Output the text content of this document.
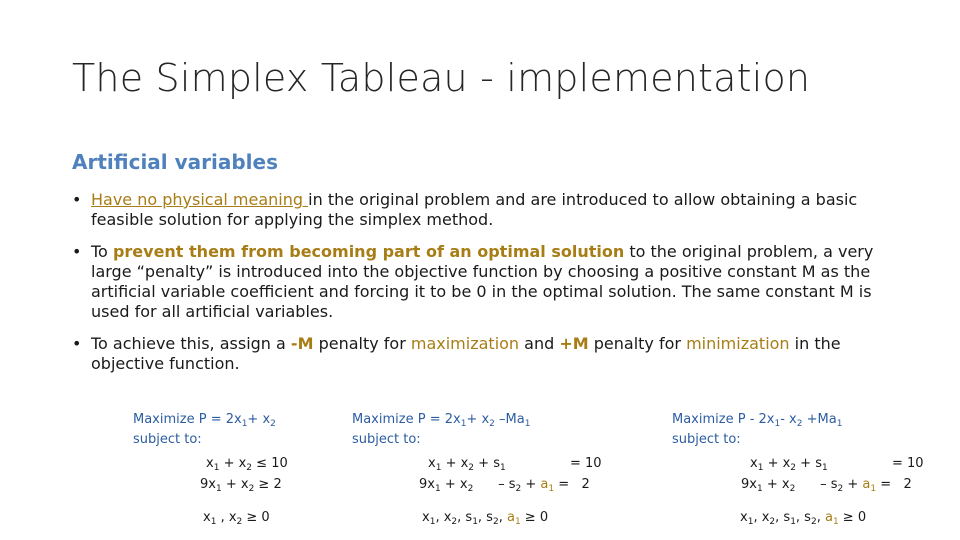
The Simplex Tableau - implementation
Artificial variables
• Have no physical meaning in the original problem and are introduced to allow obtaining a basic feasible solution for applying the simplex method.
• To prevent them from becoming part of an optimal solution to the original problem, a very large “penalty” is introduced into the objective function by choosing a positive constant M as the artificial variable coefficient and forcing it to be 0 in the optimal solution. The same constant M is used for all artificial variables.
• To achieve this, assign a -M penalty for maximization and +M penalty for minimization in the objective function.
Maximize $P = 2x_1+ x_2$
subject to:
$x_1 + x_2 \le 10$
$9x_1 + x_2 \ge 2$
$x_1$ , $x_2 \ge 0$
Maximize $P = 2x_1+ x_2$ $-Ma_1$
subject to:
$x_1 + x_2 + s_1$	= 10
$9x_1 + x_2$      – $s_2 + a_1 = 2$
$x_1$, $x_2$, $s_1$, $s_2$, $a_1 \ge 0$
Maximize P - $2x_1-$ $x_2 +Ma_1$
subject to:
$x_1 + x_2 + s_1$	= 10
$9x_1 + x_2$      – $s_2 + a_1 = 2$
$x_1$, $x_2$, $s_1$, $s_2$, $a_1 \ge 0$
